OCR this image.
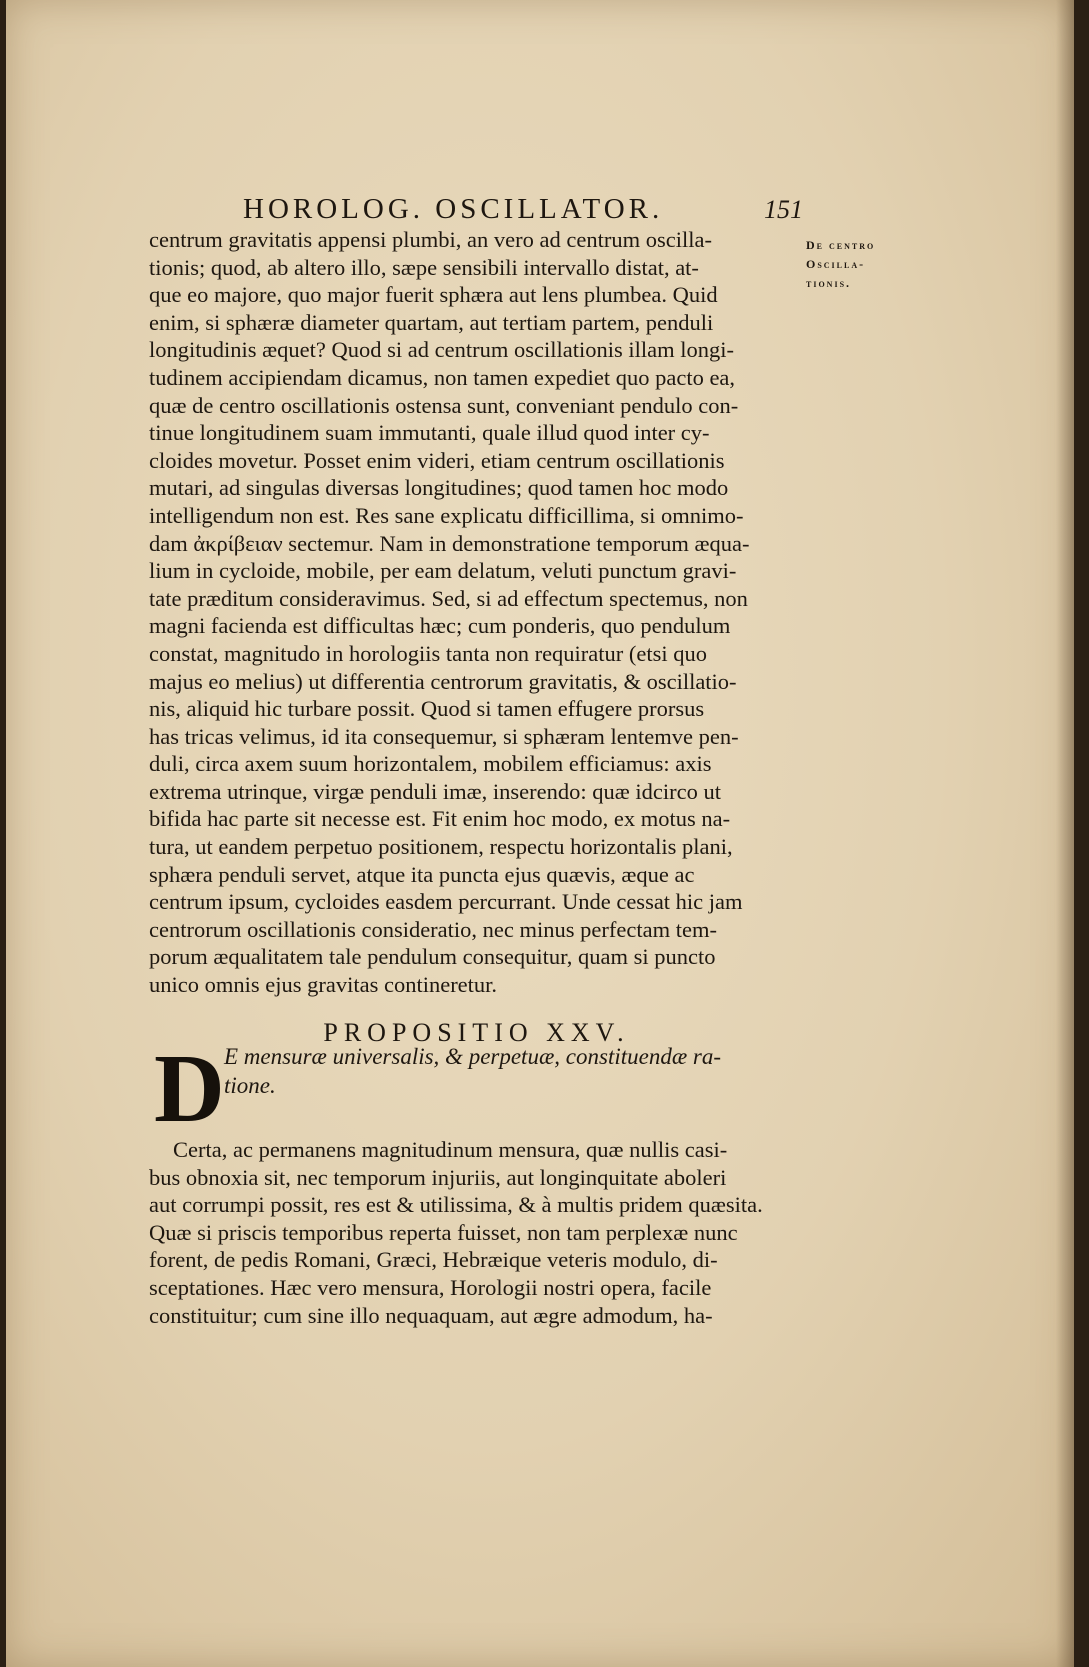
HOROLOG. OSCILLATOR.	151
De centro
Oscilla-
tionis.
centrum gravitatis appensi plumbi, an vero ad centrum oscilla-
tionis; quod, ab altero illo, sæpe sensibili intervallo distat, at-
que eo majore, quo major fuerit sphæra aut lens plumbea. Quid
enim, si sphæræ diameter quartam, aut tertiam partem, penduli
longitudinis æquet? Quod si ad centrum oscillationis illam longi-
tudinem accipiendam dicamus, non tamen expediet quo pacto ea,
quæ de centro oscillationis ostensa sunt, conveniant pendulo con-
tinue longitudinem suam immutanti, quale illud quod inter cy-
cloides movetur. Posset enim videri, etiam centrum oscillationis
mutari, ad singulas diversas longitudines; quod tamen hoc modo
intelligendum non est. Res sane explicatu difficillima, si omnimo-
dam ἀκρίβειαν sectemur. Nam in demonstratione temporum æqua-
lium in cycloide, mobile, per eam delatum, veluti punctum gravi-
tate præditum consideravimus. Sed, si ad effectum spectemus, non
magni facienda est difficultas hæc; cum ponderis, quo pendulum
constat, magnitudo in horologiis tanta non requiratur (etsi quo
majus eo melius) ut differentia centrorum gravitatis, & oscillatio-
nis, aliquid hic turbare possit. Quod si tamen effugere prorsus
has tricas velimus, id ita consequemur, si sphæram lentemve pen-
duli, circa axem suum horizontalem, mobilem efficiamus: axis
extrema utrinque, virgæ penduli imæ, inserendo: quæ idcirco ut
bifida hac parte sit necesse est. Fit enim hoc modo, ex motus na-
tura, ut eandem perpetuo positionem, respectu horizontalis plani,
sphæra penduli servet, atque ita puncta ejus quævis, æque ac
centrum ipsum, cycloides easdem percurrant. Unde cessat hic jam
centrorum oscillationis consideratio, nec minus perfectam tem-
porum æqualitatem tale pendulum consequitur, quam si puncto
unico omnis ejus gravitas contineretur.
PROPOSITIO XXV.
D E mensuræ universalis, & perpetuæ, constituendæ ra-
tione.
Certa, ac permanens magnitudinum mensura, quæ nullis casi-
bus obnoxia sit, nec temporum injuriis, aut longinquitate aboleri
aut corrumpi possit, res est & utilissima, & à multis pridem quæsita.
Quæ si priscis temporibus reperta fuisset, non tam perplexæ nunc
forent, de pedis Romani, Græci, Hebræique veteris modulo, di-
sceptationes. Hæc vero mensura, Horologii nostri opera, facile
constituitur; cum sine illo nequaquam, aut ægre admodum, ha-
